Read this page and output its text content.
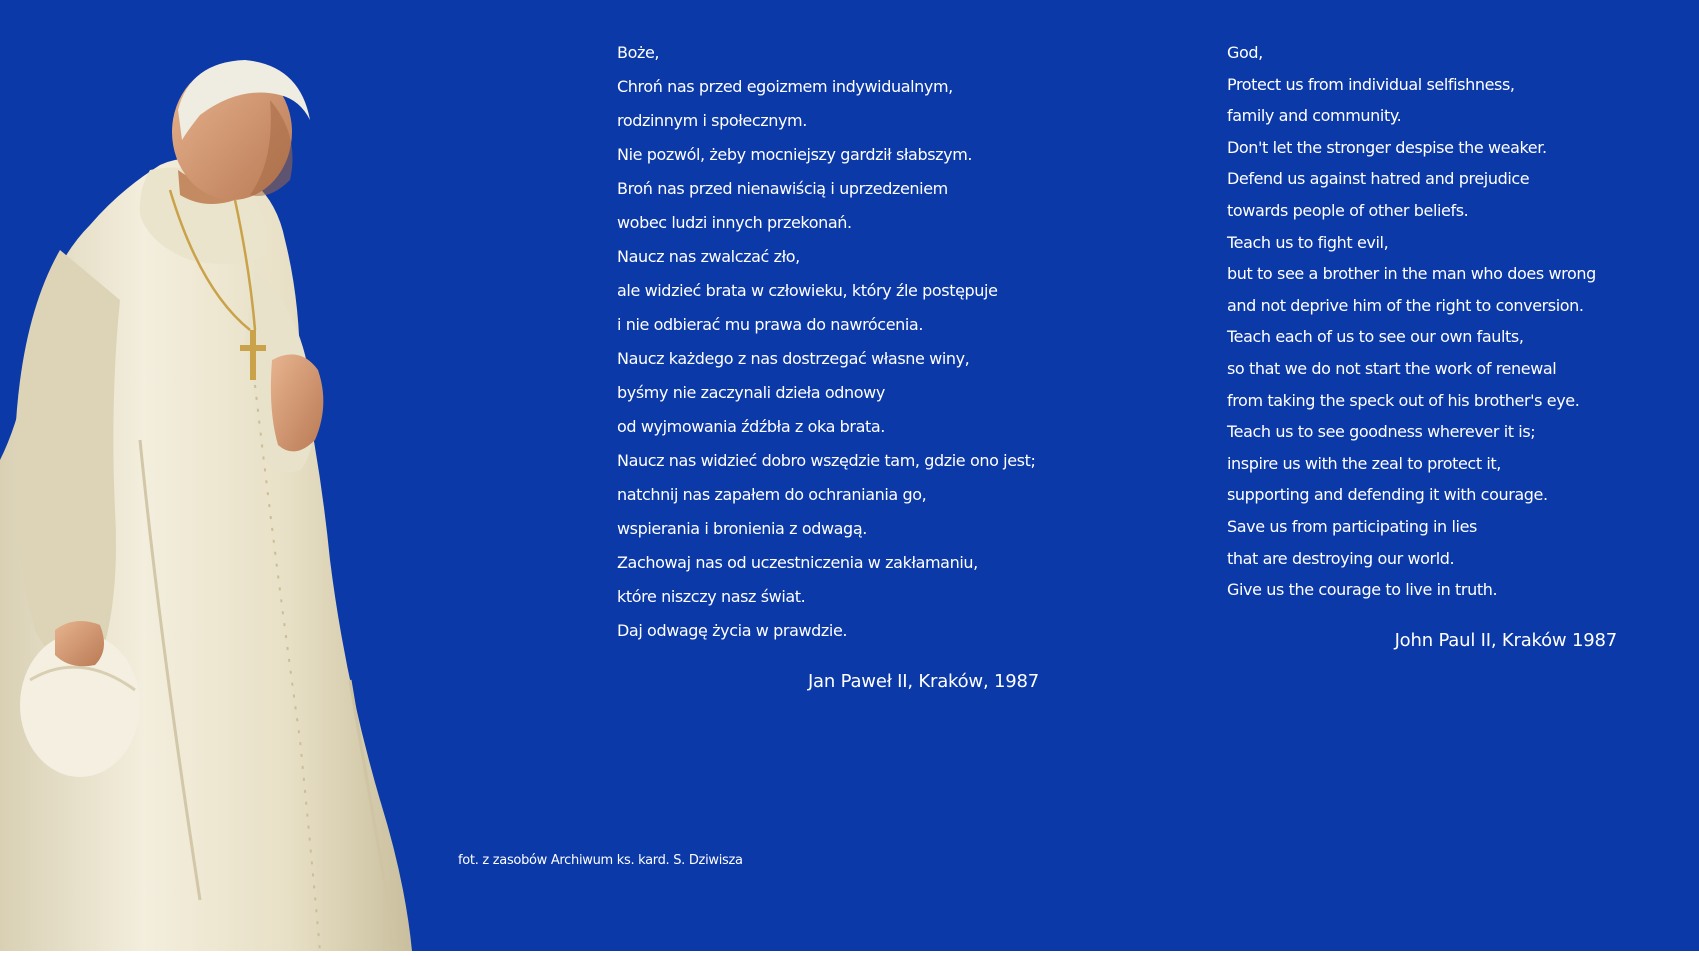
Boże,
Chroń nas przed egoizmem indywidualnym,
rodzinnym i społecznym.
Nie pozwól, żeby mocniejszy gardził słabszym.
Broń nas przed nienawiścią i uprzedzeniem
wobec ludzi innych przekonań.
Naucz nas zwalczać zło,
ale widzieć brata w człowieku, który źle postępuje
i nie odbierać mu prawa do nawrócenia.
Naucz każdego z nas dostrzegać własne winy,
byśmy nie zaczynali dzieła odnowy
od wyjmowania źdźbła z oka brata.
Naucz nas widzieć dobro wszędzie tam, gdzie ono jest;
natchnij nas zapałem do ochraniania go,
wspierania i bronienia z odwagą.
Zachowaj nas od uczestniczenia w zakłamaniu,
które niszczy nasz świat.
Daj odwagę życia w prawdzie.
Jan Paweł II, Kraków, 1987
God,
Protect us from individual selfishness,
family and community.
Don't let the stronger despise the weaker.
Defend us against hatred and prejudice
towards people of other beliefs.
Teach us to fight evil,
but to see a brother in the man who does wrong
and not deprive him of the right to conversion.
Teach each of us to see our own faults,
so that we do not start the work of renewal
from taking the speck out of his brother's eye.
Teach us to see goodness wherever it is;
inspire us with the zeal to protect it,
supporting and defending it with courage.
Save us from participating in lies
that are destroying our world.
Give us the courage to live in truth.
John Paul II, Kraków 1987
fot. z zasobów Archiwum ks. kard. S. Dziwisza
